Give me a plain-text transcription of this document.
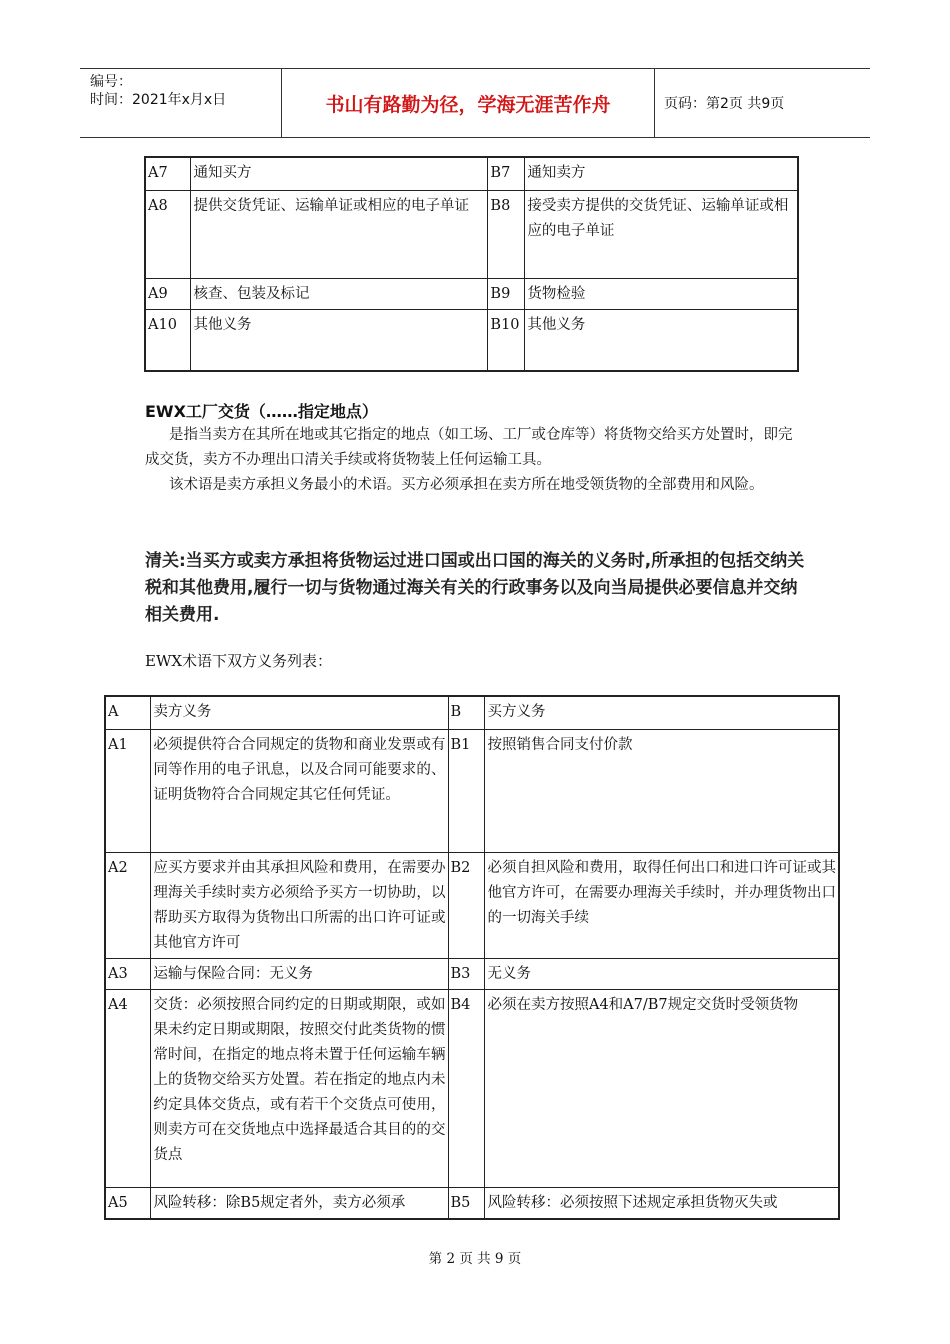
编号：
时间：2021年x月x日	书山有路勤为径，学海无涯苦作舟	页码：第2页 共9页
A7	通知买方	B7	通知卖方
A8	提供交货凭证、运输单证或相应的电子单证	B8	接受卖方提供的交货凭证、运输单证或相应的电子单证
A9	核查、包装及标记	B9	货物检验
A10	其他义务	B10	其他义务
EWX工厂交货（……指定地点）
是指当卖方在其所在地或其它指定的地点（如工场、工厂或仓库等）将货物交给买方处置时，即完成交货，卖方不办理出口清关手续或将货物装上任何运输工具。
该术语是卖方承担义务最小的术语。买方必须承担在卖方所在地受领货物的全部费用和风险。
清关:当买方或卖方承担将货物运过进口国或出口国的海关的义务时,所承担的包括交纳关税和其他费用,履行一切与货物通过海关有关的行政事务以及向当局提供必要信息并交纳相关费用.
EWX术语下双方义务列表：
A	卖方义务	B	买方义务
A1	必须提供符合合同规定的货物和商业发票或有同等作用的电子讯息，以及合同可能要求的、证明货物符合合同规定其它任何凭证。	B1	按照销售合同支付价款
A2	应买方要求并由其承担风险和费用，在需要办理海关手续时卖方必须给予买方一切协助，以帮助买方取得为货物出口所需的出口许可证或其他官方许可	B2	必须自担风险和费用，取得任何出口和进口许可证或其他官方许可，在需要办理海关手续时，并办理货物出口的一切海关手续
A3	运输与保险合同：无义务	B3	无义务
A4	交货：必须按照合同约定的日期或期限，或如果未约定日期或期限，按照交付此类货物的惯常时间，在指定的地点将未置于任何运输车辆上的货物交给买方处置。若在指定的地点内未约定具体交货点，或有若干个交货点可使用，则卖方可在交货地点中选择最适合其目的的交货点	B4	必须在卖方按照A4和A7/B7规定交货时受领货物
A5	风险转移：除B5规定者外，卖方必须承	B5	风险转移：必须按照下述规定承担货物灭失或
第 2 页 共 9 页
